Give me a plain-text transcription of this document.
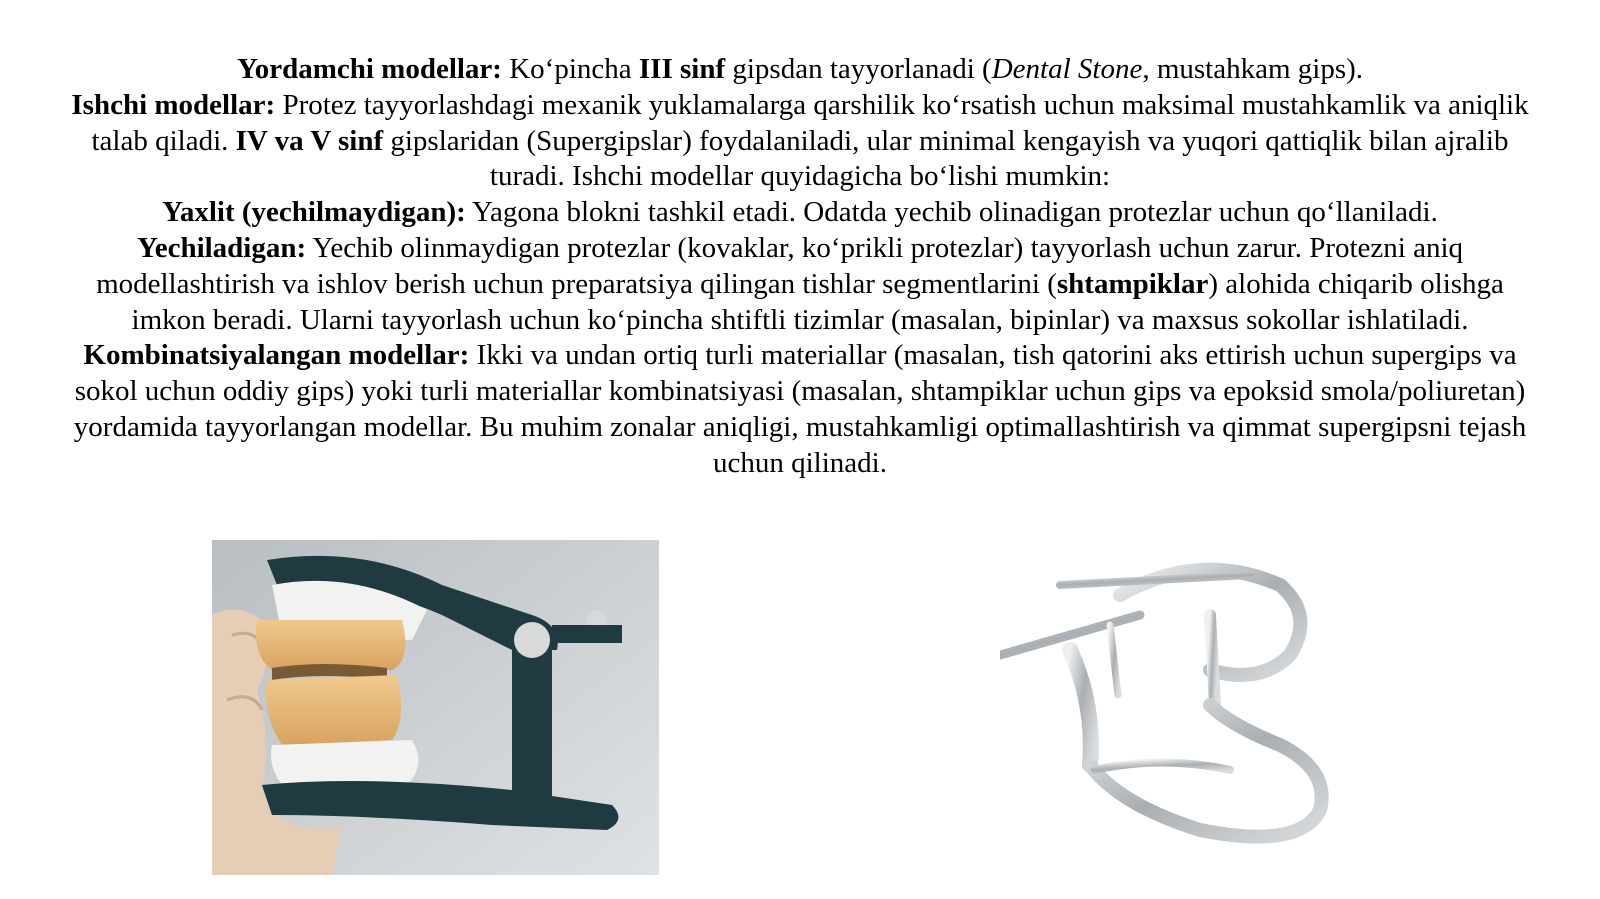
Yordamchi modellar: Ko‘pincha III sinf gipsdan tayyorlanadi (Dental Stone, mustahkam gips).

Ishchi modellar: Protez tayyorlashdagi mexanik yuklamalarga qarshilik ko‘rsatish uchun maksimal mustahkamlik va aniqlik talab qiladi. IV va V sinf gipslaridan (Supergipslar) foydalaniladi, ular minimal kengayish va yuqori qattiqlik bilan ajralib turadi. Ishchi modellar quyidagicha bo‘lishi mumkin:

Yaxlit (yechilmaydigan): Yagona blokni tashkil etadi. Odatda yechib olinadigan protezlar uchun qo‘llaniladi.

Yechiladigan: Yechib olinmaydigan protezlar (kovaklar, ko‘prikli protezlar) tayyorlash uchun zarur. Protezni aniq modellashtirish va ishlov berish uchun preparatsiya qilingan tishlar segmentlarini (shtampiklar) alohida chiqarib olishga imkon beradi. Ularni tayyorlash uchun ko‘pincha shtiftli tizimlar (masalan, bipinlar) va maxsus sokollar ishlatiladi.

Kombinatsiyalangan modellar: Ikki va undan ortiq turli materiallar (masalan, tish qatorini aks ettirish uchun supergips va sokol uchun oddiy gips) yoki turli materiallar kombinatsiyasi (masalan, shtampiklar uchun gips va epoksid smola/poliuretan) yordamida tayyorlangan modellar. Bu muhim zonalar aniqligi, mustahkamligi optimallashtirish va qimmat supergipsni tejash uchun qilinadi.
